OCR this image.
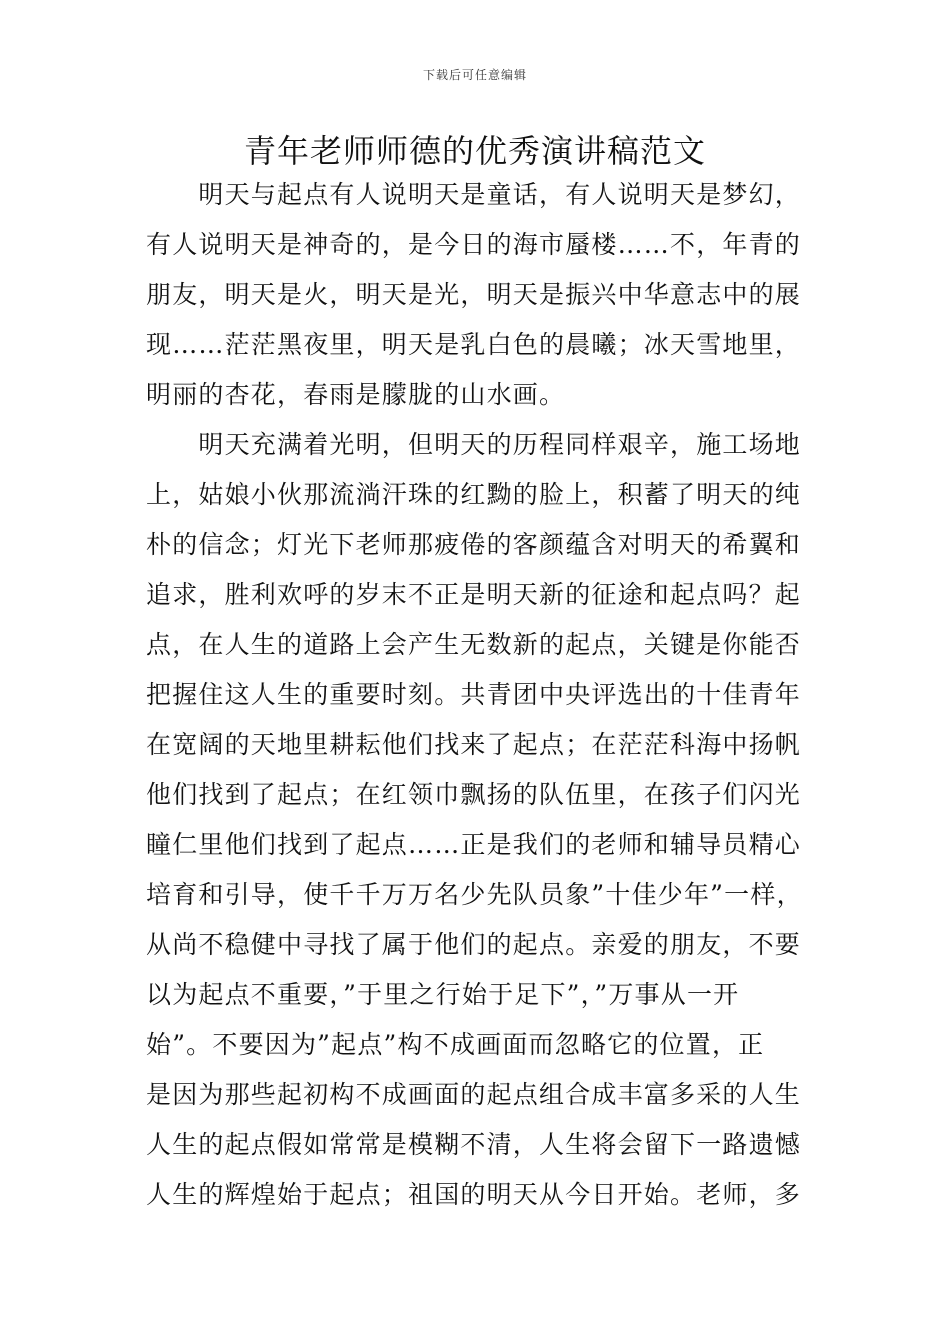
下载后可任意编辑
青年老师师德的优秀演讲稿范文
　　明天与起点有人说明天是童话，有人说明天是梦幻，
有人说明天是神奇的，是今日的海市蜃楼……不，年青的
朋友，明天是火，明天是光，明天是振兴中华意志中的展
现……茫茫黑夜里，明天是乳白色的晨曦；冰天雪地里，
明丽的杏花，春雨是朦胧的山水画。
　　明天充满着光明，但明天的历程同样艰辛，施工场地
上，姑娘小伙那流淌汗珠的红黝的脸上，积蓄了明天的纯
朴的信念；灯光下老师那疲倦的客颜蕴含对明天的希翼和
追求，胜利欢呼的岁末不正是明天新的征途和起点吗？起
点，在人生的道路上会产生无数新的起点，关键是你能否
把握住这人生的重要时刻。共青团中央评选出的十佳青年
在宽阔的天地里耕耘他们找来了起点；在茫茫科海中扬帆
他们找到了起点；在红领巾飘扬的队伍里，在孩子们闪光
瞳仁里他们找到了起点……正是我们的老师和辅导员精心
培育和引导，使千千万万名少先队员象”十佳少年”一样，
从尚不稳健中寻找了属于他们的起点。亲爱的朋友，不要
以为起点不重要，”于里之行始于足下”，”万事从一开
始”。不要因为”起点”构不成画面而忽略它的位置，正
是因为那些起初构不成画面的起点组合成丰富多采的人生
人生的起点假如常常是模糊不清，人生将会留下一路遗憾
人生的辉煌始于起点；祖国的明天从今日开始。老师，多
